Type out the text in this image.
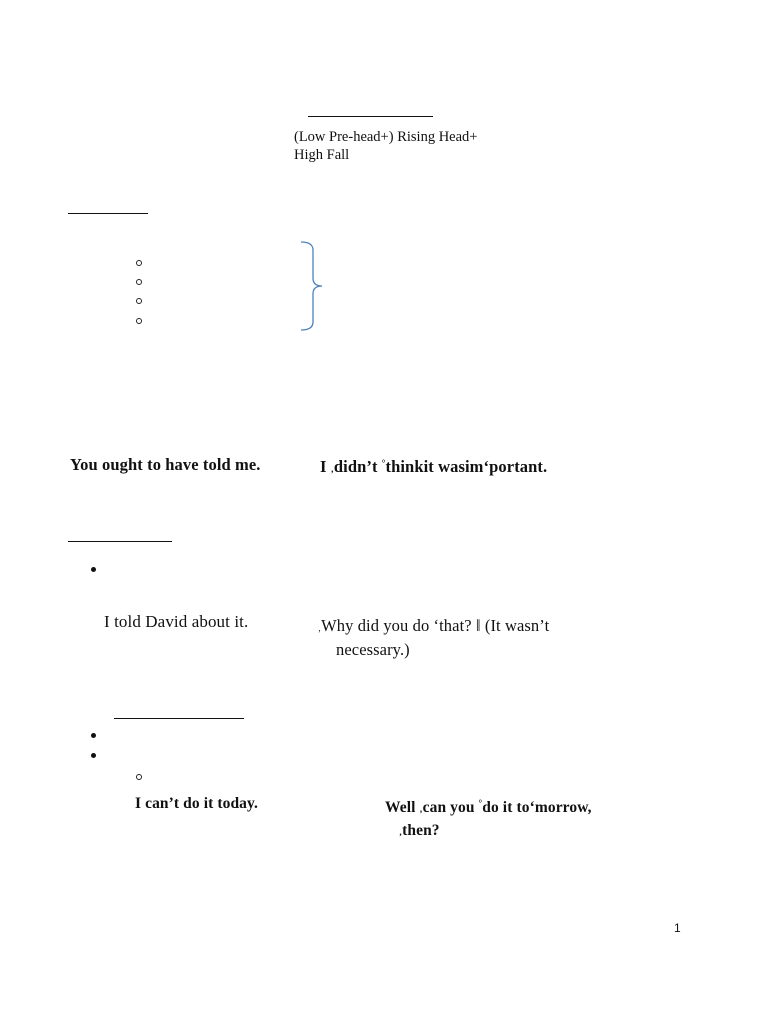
(Low Pre-head+) Rising Head+
High Fall
You ought to have told me.	I ‚didn’t °thinkit wasim‘portant.
I told David about it.	‚Why did you do ‘that? ‖ (It wasn’t
necessary.)
I can’t do it today.	Well ‚can you °do it to‘morrow,
‚then?
1
